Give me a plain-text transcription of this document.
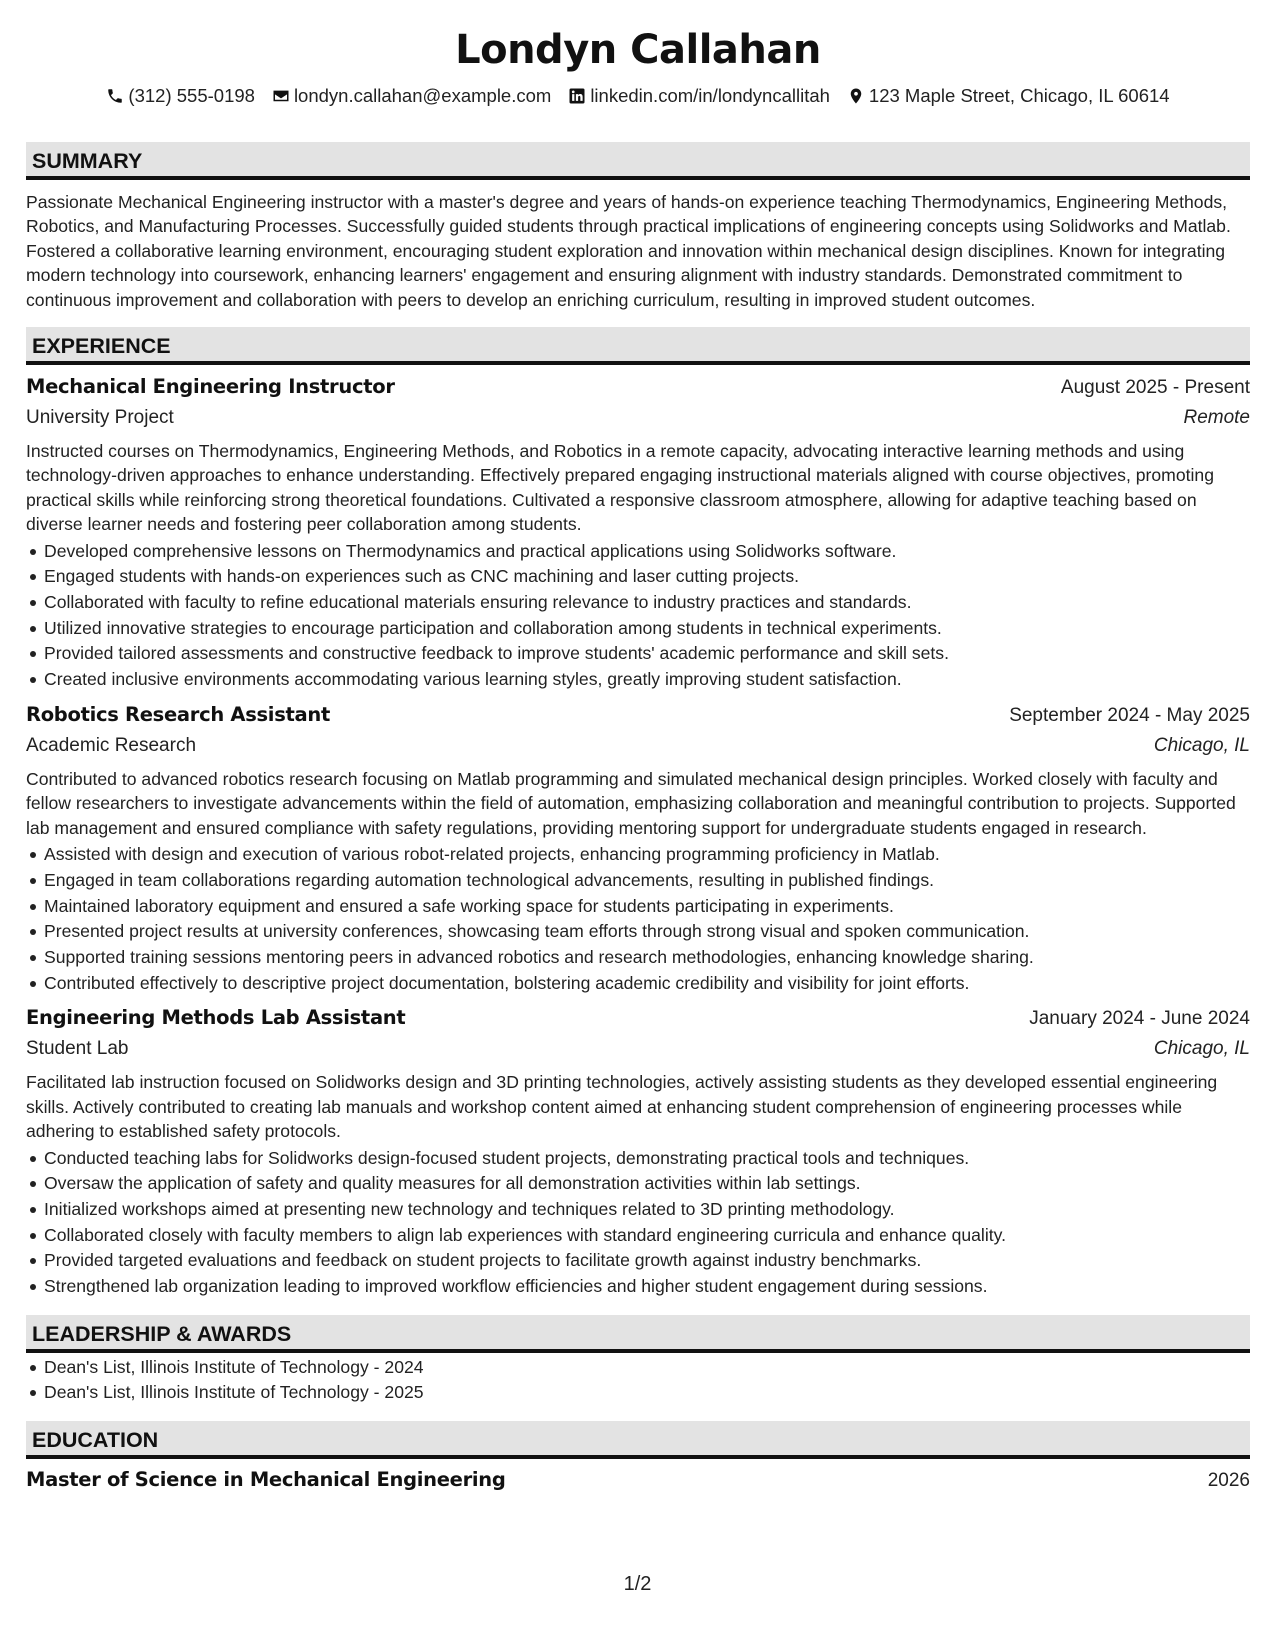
Londyn Callahan
(312) 555-0198 londyn.callahan@example.com linkedin.com/in/londyncallitah 123 Maple Street, Chicago, IL 60614
SUMMARY

Passionate Mechanical Engineering instructor with a master's degree and years of hands-on experience teaching Thermodynamics, Engineering Methods, Robotics, and Manufacturing Processes. Successfully guided students through practical implications of engineering concepts using Solidworks and Matlab. Fostered a collaborative learning environment, encouraging student exploration and innovation within mechanical design disciplines. Known for integrating modern technology into coursework, enhancing learners' engagement and ensuring alignment with industry standards. Demonstrated commitment to continuous improvement and collaboration with peers to develop an enriching curriculum, resulting in improved student outcomes.

EXPERIENCE
Mechanical Engineering Instructor	August 2025 - Present
University Project	Remote

Instructed courses on Thermodynamics, Engineering Methods, and Robotics in a remote capacity, advocating interactive learning methods and using technology-driven approaches to enhance understanding. Effectively prepared engaging instructional materials aligned with course objectives, promoting practical skills while reinforcing strong theoretical foundations. Cultivated a responsive classroom atmosphere, allowing for adaptive teaching based on diverse learner needs and fostering peer collaboration among students.

Developed comprehensive lessons on Thermodynamics and practical applications using Solidworks software.
Engaged students with hands-on experiences such as CNC machining and laser cutting projects.
Collaborated with faculty to refine educational materials ensuring relevance to industry practices and standards.
Utilized innovative strategies to encourage participation and collaboration among students in technical experiments.
Provided tailored assessments and constructive feedback to improve students' academic performance and skill sets.
Created inclusive environments accommodating various learning styles, greatly improving student satisfaction.
Robotics Research Assistant	September 2024 - May 2025
Academic Research	Chicago, IL

Contributed to advanced robotics research focusing on Matlab programming and simulated mechanical design principles. Worked closely with faculty and fellow researchers to investigate advancements within the field of automation, emphasizing collaboration and meaningful contribution to projects. Supported lab management and ensured compliance with safety regulations, providing mentoring support for undergraduate students engaged in research.

Assisted with design and execution of various robot-related projects, enhancing programming proficiency in Matlab.
Engaged in team collaborations regarding automation technological advancements, resulting in published findings.
Maintained laboratory equipment and ensured a safe working space for students participating in experiments.
Presented project results at university conferences, showcasing team efforts through strong visual and spoken communication.
Supported training sessions mentoring peers in advanced robotics and research methodologies, enhancing knowledge sharing.
Contributed effectively to descriptive project documentation, bolstering academic credibility and visibility for joint efforts.
Engineering Methods Lab Assistant	January 2024 - June 2024
Student Lab	Chicago, IL

Facilitated lab instruction focused on Solidworks design and 3D printing technologies, actively assisting students as they developed essential engineering skills. Actively contributed to creating lab manuals and workshop content aimed at enhancing student comprehension of engineering processes while adhering to established safety protocols.

Conducted teaching labs for Solidworks design-focused student projects, demonstrating practical tools and techniques.
Oversaw the application of safety and quality measures for all demonstration activities within lab settings.
Initialized workshops aimed at presenting new technology and techniques related to 3D printing methodology.
Collaborated closely with faculty members to align lab experiences with standard engineering curricula and enhance quality.
Provided targeted evaluations and feedback on student projects to facilitate growth against industry benchmarks.
Strengthened lab organization leading to improved workflow efficiencies and higher student engagement during sessions.
LEADERSHIP & AWARDS
Dean's List, Illinois Institute of Technology - 2024
Dean's List, Illinois Institute of Technology - 2025
EDUCATION
Master of Science in Mechanical Engineering	2026
1/2
